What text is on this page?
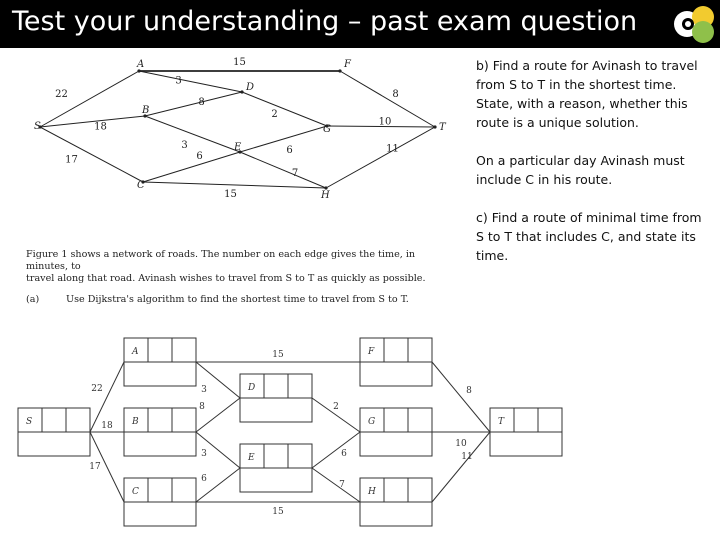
Test your understanding – past exam question
15
22
18
17
3
8
2
3
6
6
7
15
8
10
11
S
A
B
C
D
E
F
G
H
T

Figure 1 shows a network of roads. The number on each edge gives the time, in minutes, to

travel along that road. Avinash wishes to travel from S to T as quickly as possible.

(a)	Use Dijkstra's algorithm to find the shortest time to travel from S to T.

15
22
18
17
3
8	2
3
6
6
7
15
8
10
11
S
A
B
C
D
E
F
G
H
T

b) Find a route for Avinash to travel from S to T in the shortest time. State, with a reason, whether this route is a unique solution.

On a particular day Avinash must include C in his route.

c) Find a route of minimal time from S to T that includes C, and state its time.
